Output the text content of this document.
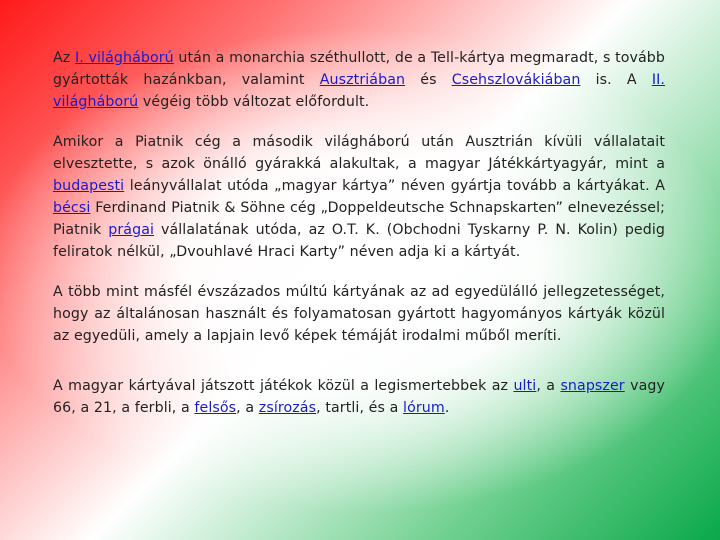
Az I. világháború után a monarchia széthullott, de a Tell-kártya megmaradt, s tovább gyártották hazánkban, valamint Ausztriában és Csehszlovákiában is. A II. világháború végéig több változat előfordult.

Amikor a Piatnik cég a második világháború után Ausztrián kívüli vállalatait elvesztette, s azok önálló gyárakká alakultak, a magyar Játékkártyagyár, mint a budapesti leányvállalat utóda „magyar kártya” néven gyártja tovább a kártyákat. A bécsi Ferdinand Piatnik & Söhne cég „Doppeldeutsche Schnapskarten” elnevezéssel; Piatnik prágai vállalatának utóda, az O.T. K. (Obchodni Tyskarny P. N. Kolin) pedig feliratok nélkül, „Dvouhlavé Hraci Karty” néven adja ki a kártyát.

A több mint másfél évszázados múltú kártyának az ad egyedülálló jellegzetességet, hogy az általánosan használt és folyamatosan gyártott hagyományos kártyák közül az egyedüli, amely a lapjain levő képek témáját irodalmi műből meríti.

A magyar kártyával játszott játékok közül a legismertebbek az ulti, a snapszer vagy 66, a 21, a ferbli, a felsős, a zsírozás, tartli, és a lórum.
